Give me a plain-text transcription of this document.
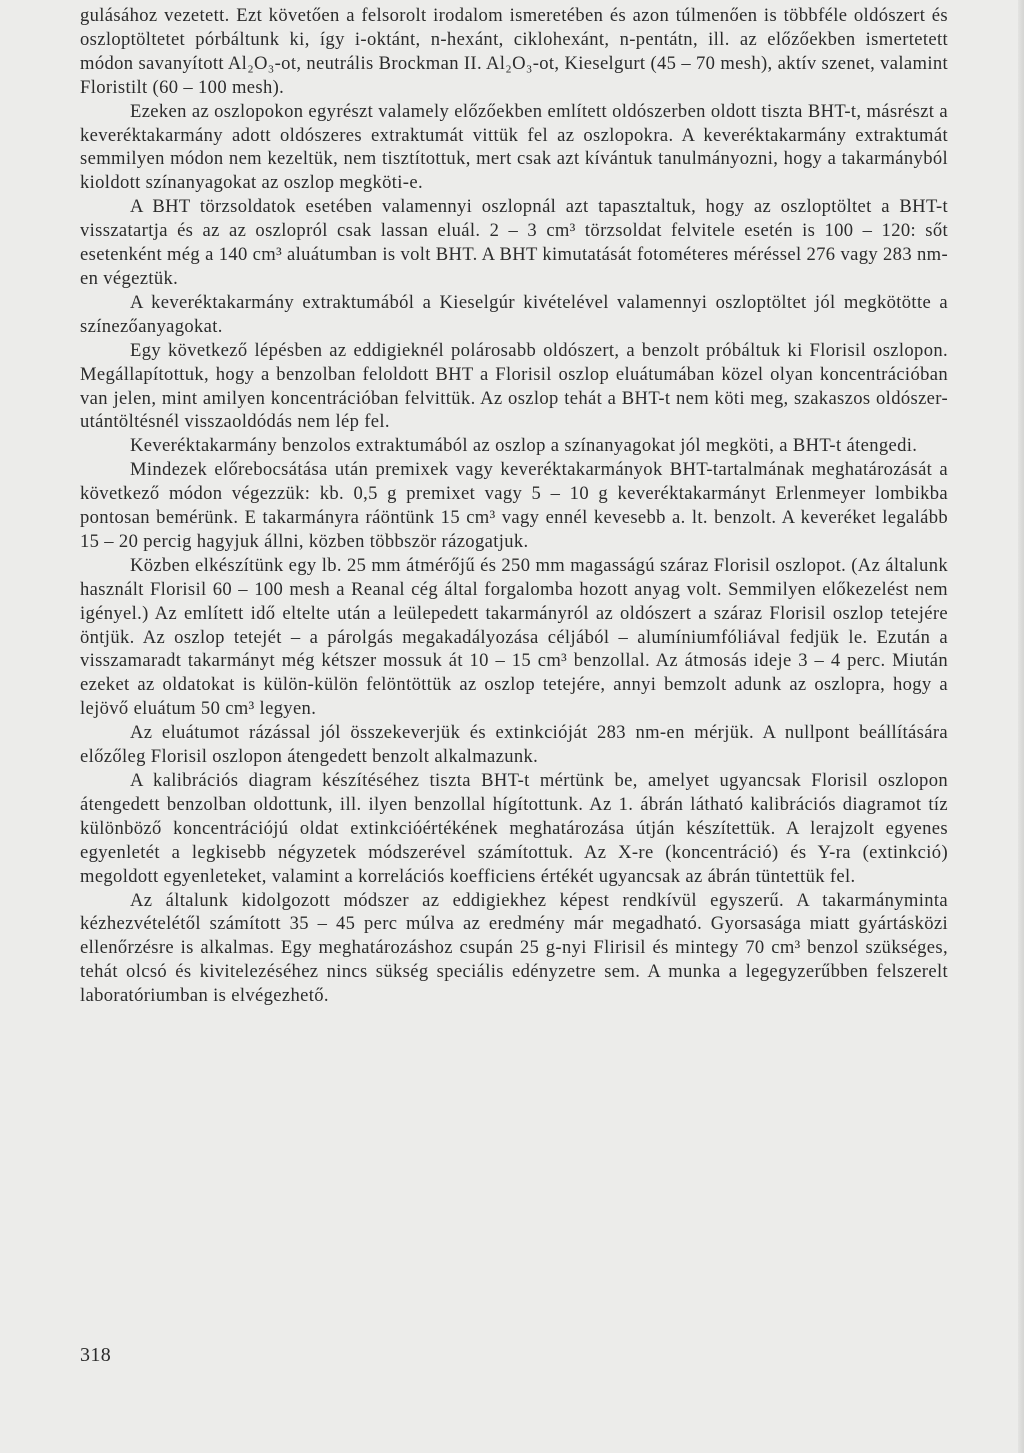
gulásához vezetett. Ezt követően a felsorolt irodalom ismeretében és azon túlmenően is többféle oldószert és oszloptöltetet pórbáltunk ki, így i-oktánt, n-hexánt, ciklohexánt, n-pentátn, ill. az előzőekben ismertetett módon savanyított Al₂O₃-ot, neutrális Brockman II. Al₂O₃-ot, Kieselgurt (45 – 70 mesh), aktív szenet, valamint Floristilt (60 – 100 mesh).

Ezeken az oszlopokon egyrészt valamely előzőekben említett oldószerben oldott tiszta BHT-t, másrészt a keveréktakarmány adott oldószeres extraktumát vittük fel az oszlopokra. A keveréktakarmány extraktumát semmilyen módon nem kezeltük, nem tisztítottuk, mert csak azt kívántuk tanulmányozni, hogy a takarmányból kioldott színanyagokat az oszlop megköti-e.

A BHT törzsoldatok esetében valamennyi oszlopnál azt tapasztaltuk, hogy az oszloptöltet a BHT-t visszatartja és az az oszlopról csak lassan eluál. 2 – 3 cm³ törzsoldat felvitele esetén is 100 – 120: sőt esetenként még a 140 cm³ aluátumban is volt BHT. A BHT kimutatását fotométeres méréssel 276 vagy 283 nm-en végeztük.

A keveréktakarmány extraktumából a Kieselgúr kivételével valamennyi oszloptöltet jól megkötötte a színezőanyagokat.

Egy következő lépésben az eddigieknél polárosabb oldószert, a benzolt próbáltuk ki Florisil oszlopon. Megállapítottuk, hogy a benzolban feloldott BHT a Florisil oszlop eluátumában közel olyan koncentrációban van jelen, mint amilyen koncentrációban felvittük. Az oszlop tehát a BHT-t nem köti meg, szakaszos oldószer-utántöltésnél visszaoldódás nem lép fel.

Keveréktakarmány benzolos extraktumából az oszlop a színanyagokat jól megköti, a BHT-t átengedi.

Mindezek előrebocsátása után premixek vagy keveréktakarmányok BHT-tartalmának meghatározását a következő módon végezzük: kb. 0,5 g premixet vagy 5 – 10 g keveréktakarmányt Erlenmeyer lombikba pontosan bemérünk. E takarmányra ráöntünk 15 cm³ vagy ennél kevesebb a. lt. benzolt. A keveréket legalább 15 – 20 percig hagyjuk állni, közben többször rázogatjuk.

Közben elkészítünk egy lb. 25 mm átmérőjű és 250 mm magasságú száraz Florisil oszlopot. (Az általunk használt Florisil 60 – 100 mesh a Reanal cég által forgalomba hozott anyag volt. Semmilyen előkezelést nem igényel.) Az említett idő eltelte után a leülepedett takarmányról az oldószert a száraz Florisil oszlop tetejére öntjük. Az oszlop tetejét – a párolgás megakadályozása céljából – alumíniumfóliával fedjük le. Ezután a visszamaradt takarmányt még kétszer mossuk át 10 – 15 cm³ benzollal. Az átmosás ideje 3 – 4 perc. Miután ezeket az oldatokat is külön-külön felöntöttük az oszlop tetejére, annyi bemzolt adunk az oszlopra, hogy a lejövő eluátum 50 cm³ legyen.

Az eluátumot rázással jól összekeverjük és extinkcióját 283 nm-en mérjük. A nullpont beállítására előzőleg Florisil oszlopon átengedett benzolt alkalmazunk.

A kalibrációs diagram készítéséhez tiszta BHT-t mértünk be, amelyet ugyancsak Florisil oszlopon átengedett benzolban oldottunk, ill. ilyen benzollal hígítottunk. Az 1. ábrán látható kalibrációs diagramot tíz különböző koncentrációjú oldat extinkcióértékének meghatározása útján készítettük. A lerajzolt egyenes egyenletét a legkisebb négyzetek módszerével számítottuk. Az X-re (koncentráció) és Y-ra (extinkció) megoldott egyenleteket, valamint a korrelációs koefficiens értékét ugyancsak az ábrán tüntettük fel.

Az általunk kidolgozott módszer az eddigiekhez képest rendkívül egyszerű. A takarmányminta kézhezvételétől számított 35 – 45 perc múlva az eredmény már megadható. Gyorsasága miatt gyártásközi ellenőrzésre is alkalmas. Egy meghatározáshoz csupán 25 g-nyi Flirisil és mintegy 70 cm³ benzol szükséges, tehát olcsó és kivitelezéséhez nincs sükség speciális edényzetre sem. A munka a legegyzerűbben felszerelt laboratóriumban is elvégezhető.

318
